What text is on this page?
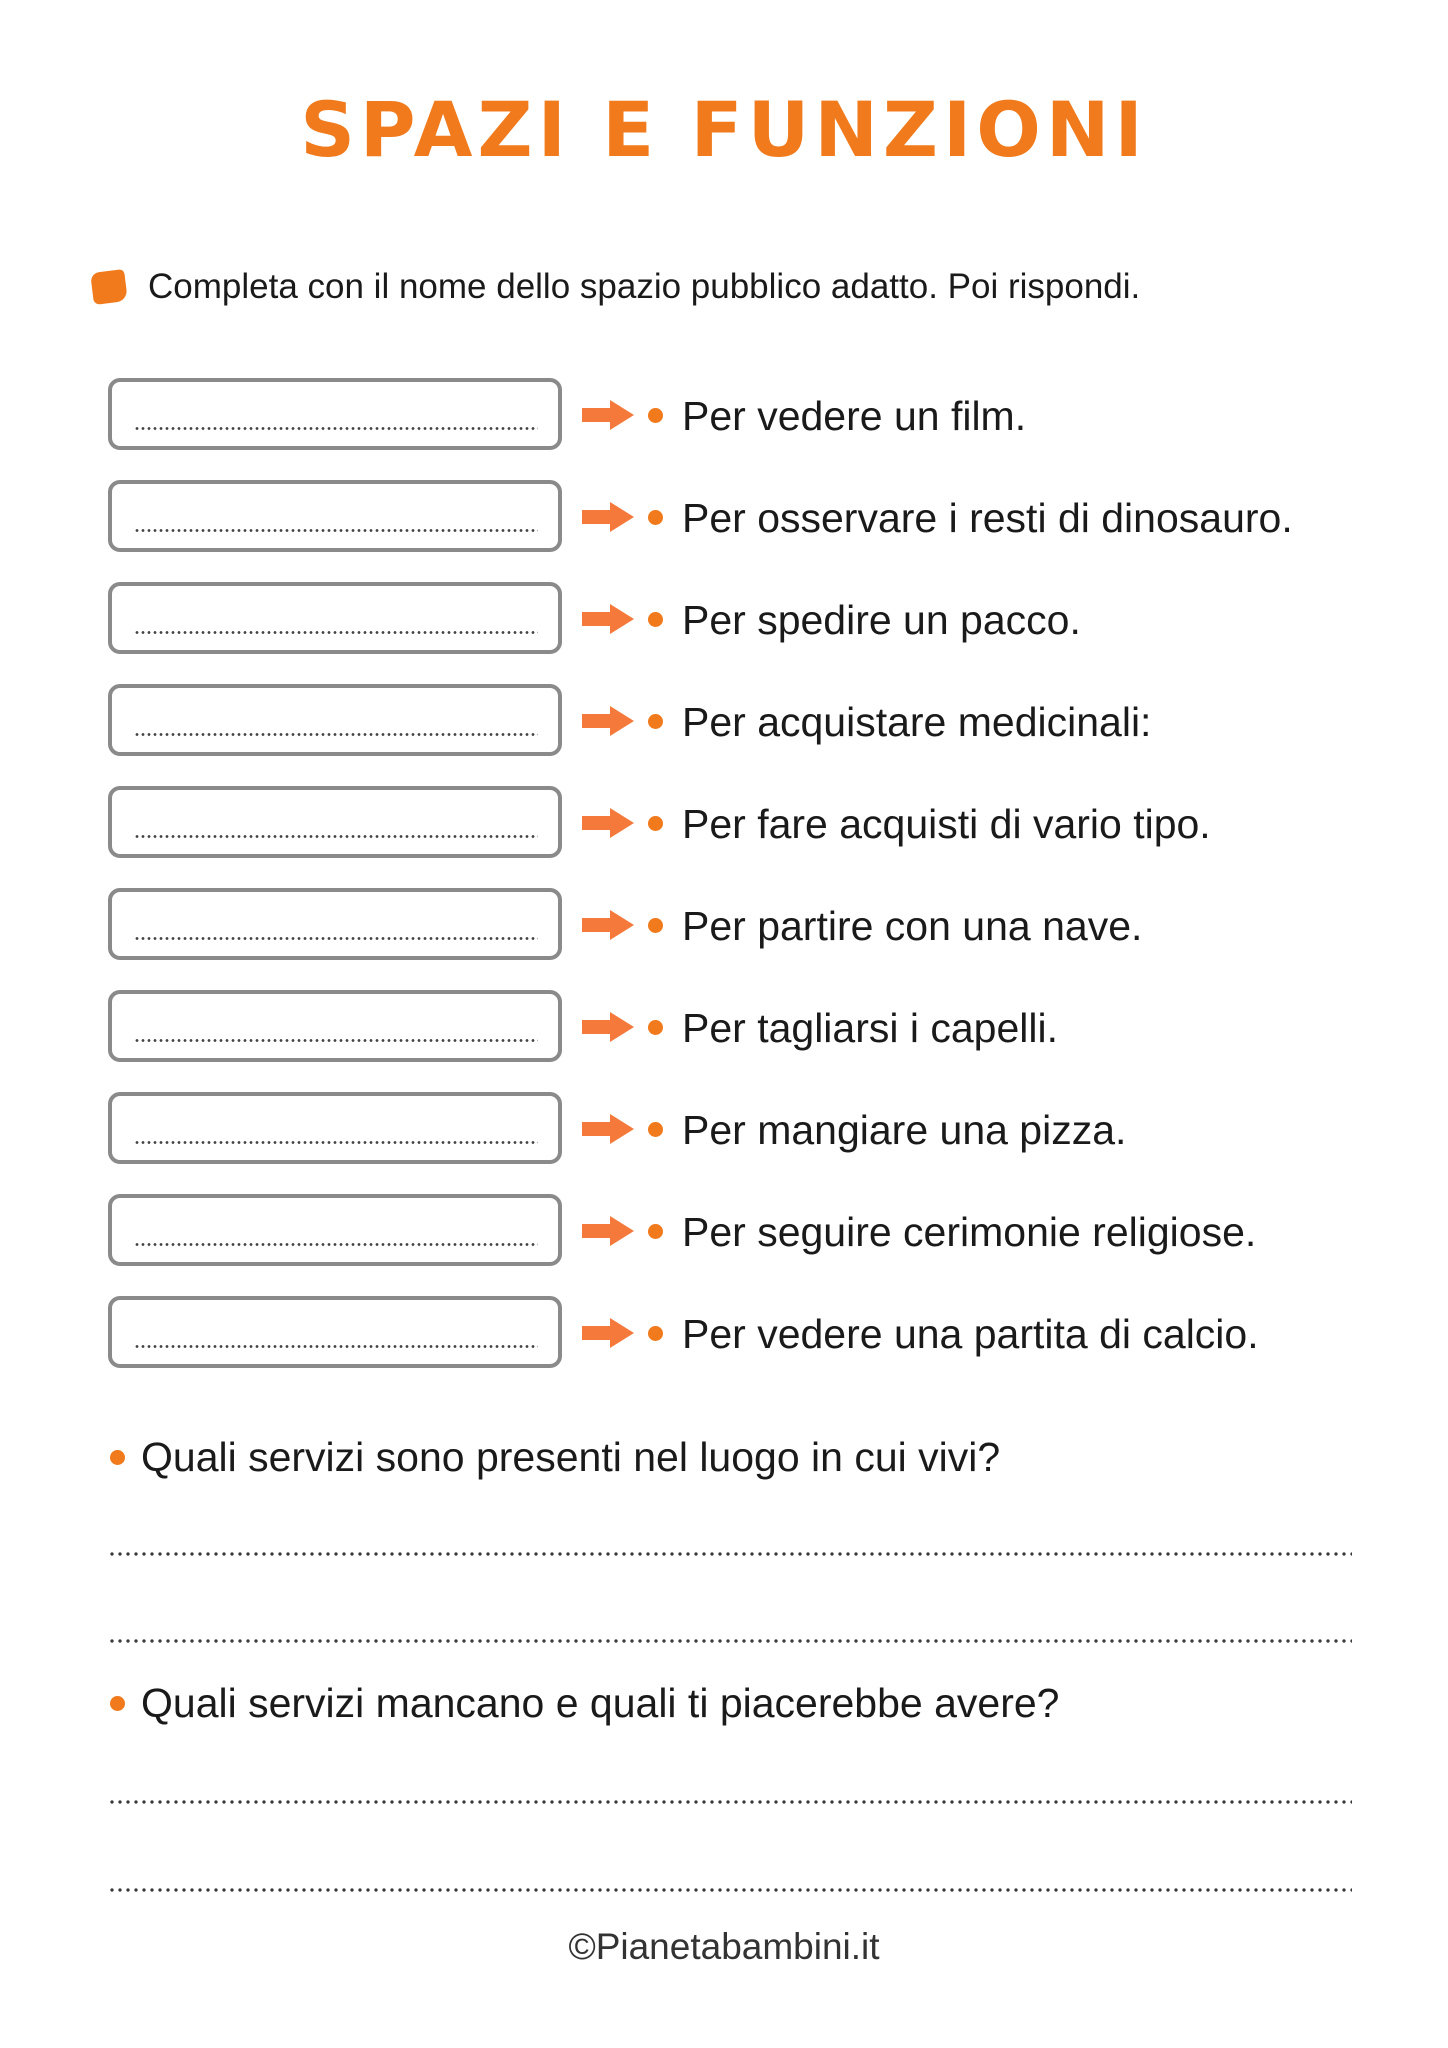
SPAZI E FUNZIONI
Completa con il nome dello spazio pubblico adatto. Poi rispondi.
Per vedere un film.
Per osservare i resti di dinosauro.
Per spedire un pacco.
Per acquistare medicinali:
Per fare acquisti di vario tipo.
Per partire con una nave.
Per tagliarsi i capelli.
Per mangiare una pizza.
Per seguire cerimonie religiose.
Per vedere una partita di calcio.
Quali servizi sono presenti nel luogo in cui vivi?
Quali servizi mancano e quali ti piacerebbe avere?
©Pianetabambini.it
